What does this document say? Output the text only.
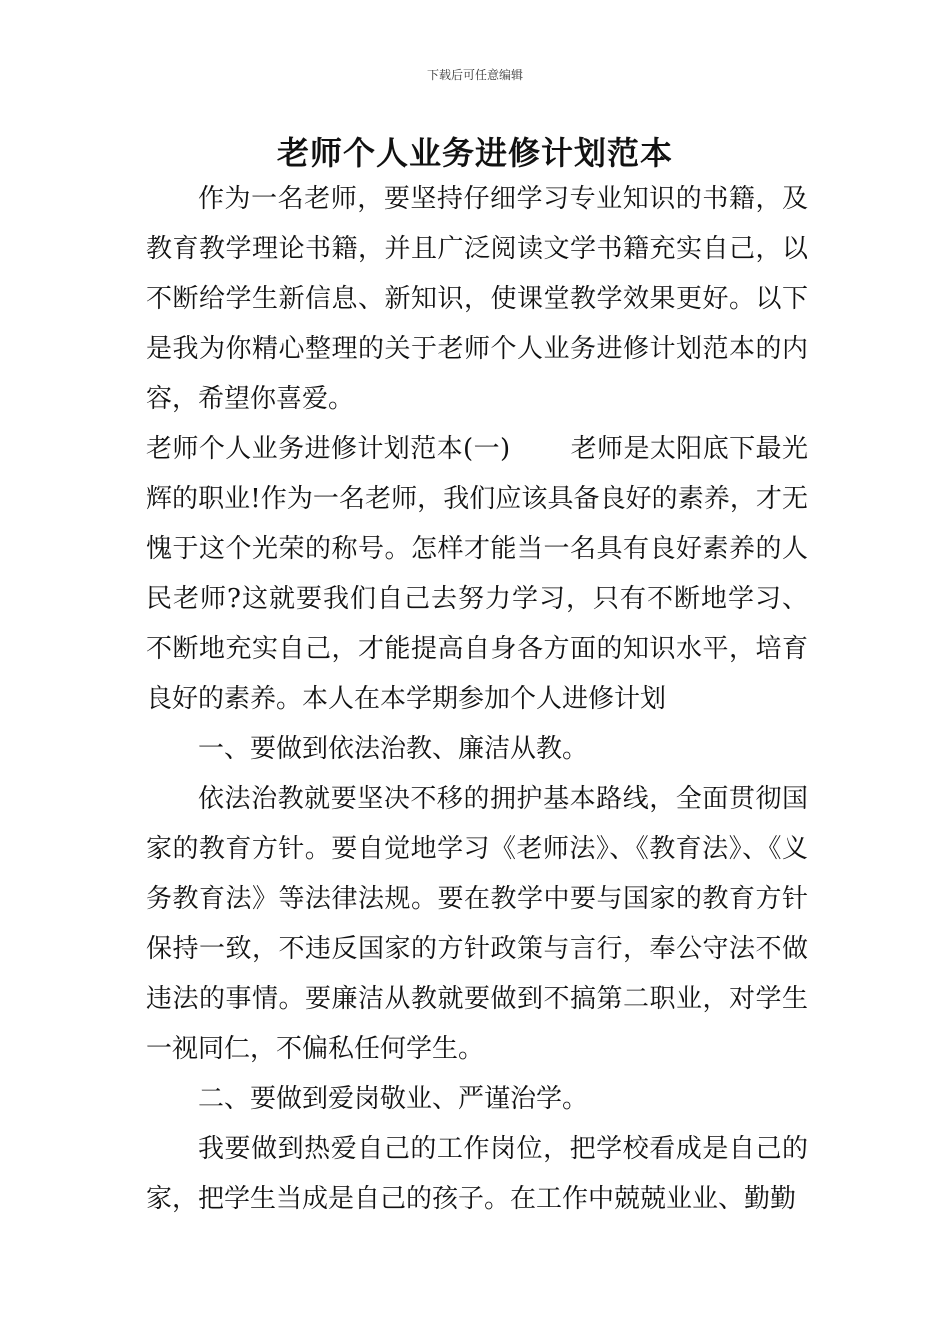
下载后可任意编辑
老师个人业务进修计划范本

作为一名老师，要坚持仔细学习专业知识的书籍，及教育教学理论书籍，并且广泛阅读文学书籍充实自己，以不断给学生新信息、新知识，使课堂教学效果更好。以下是我为你精心整理的关于老师个人业务进修计划范本的内容，希望你喜爱。

老师个人业务进修计划范本(一) 老师是太阳底下最光辉的职业!作为一名老师，我们应该具备良好的素养，才无愧于这个光荣的称号。怎样才能当一名具有良好素养的人民老师?这就要我们自己去努力学习，只有不断地学习、不断地充实自己，才能提高自身各方面的知识水平，培育良好的素养。本人在本学期参加个人进修计划

一、要做到依法治教、廉洁从教。

依法治教就要坚决不移的拥护基本路线，全面贯彻国家的教育方针。要自觉地学习《老师法》、《教育法》、《义务教育法》等法律法规。要在教学中要与国家的教育方针保持一致，不违反国家的方针政策与言行，奉公守法不做违法的事情。要廉洁从教就要做到不搞第二职业，对学生一视同仁，不偏私任何学生。

二、要做到爱岗敬业、严谨治学。

我要做到热爱自己的工作岗位，把学校看成是自己的家，把学生当成是自己的孩子。在工作中兢兢业业、勤勤
